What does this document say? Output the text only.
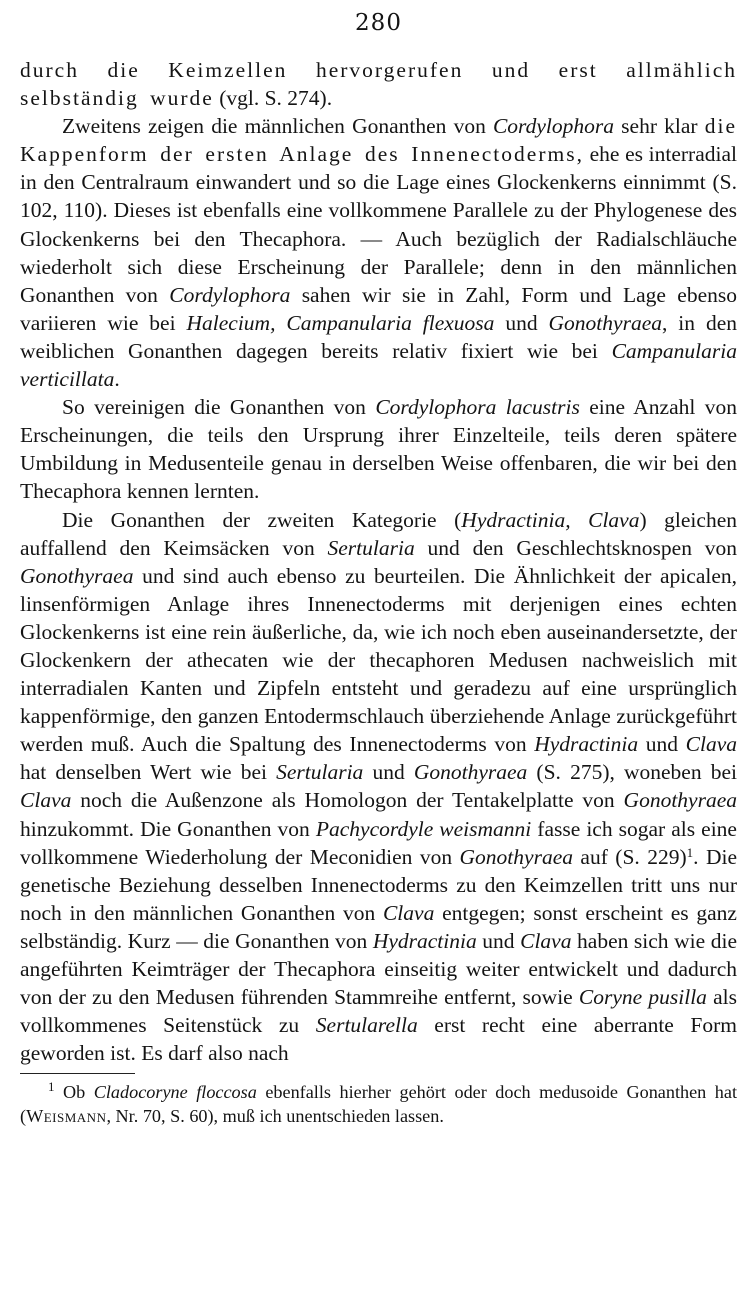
280

durch die Keimzellen hervorgerufen und erst allmählich selbständig wurde (vgl. S. 274).

Zweitens zeigen die männlichen Gonanthen von Cordylophora sehr klar die Kappenform der ersten Anlage des Innenectoderms, ehe es interradial in den Centralraum einwandert und so die Lage eines Glockenkerns einnimmt (S. 102, 110). Dieses ist ebenfalls eine vollkommene Parallele zu der Phylogenese des Glockenkerns bei den Thecaphora. — Auch bezüglich der Radialschläuche wiederholt sich diese Erscheinung der Parallele; denn in den männlichen Gonanthen von Cordylophora sahen wir sie in Zahl, Form und Lage ebenso variieren wie bei Halecium, Campanularia flexuosa und Gonothyraea, in den weiblichen Gonanthen dagegen bereits relativ fixiert wie bei Campanularia verticillata.

So vereinigen die Gonanthen von Cordylophora lacustris eine Anzahl von Erscheinungen, die teils den Ursprung ihrer Einzelteile, teils deren spätere Umbildung in Medusenteile genau in derselben Weise offenbaren, die wir bei den Thecaphora kennen lernten.

Die Gonanthen der zweiten Kategorie (Hydractinia, Clava) gleichen auffallend den Keimsäcken von Sertularia und den Geschlechtsknospen von Gonothyraea und sind auch ebenso zu beurteilen. Die Ähnlichkeit der apicalen, linsenförmigen Anlage ihres Innenectoderms mit derjenigen eines echten Glockenkerns ist eine rein äußerliche, da, wie ich noch eben auseinandersetzte, der Glockenkern der athecaten wie der thecaphoren Medusen nachweislich mit interradialen Kanten und Zipfeln entsteht und geradezu auf eine ursprünglich kappenförmige, den ganzen Entodermschlauch überziehende Anlage zurückgeführt werden muß. Auch die Spaltung des Innenectoderms von Hydractinia und Clava hat denselben Wert wie bei Sertularia und Gonothyraea (S. 275), woneben bei Clava noch die Außenzone als Homologon der Tentakelplatte von Gonothyraea hinzukommt. Die Gonanthen von Pachycordyle weismanni fasse ich sogar als eine vollkommene Wiederholung der Meconidien von Gonothyraea auf (S. 229)$^1$. Die genetische Beziehung desselben Innenectoderms zu den Keimzellen tritt uns nur noch in den männlichen Gonanthen von Clava entgegen; sonst erscheint es ganz selbständig. Kurz — die Gonanthen von Hydractinia und Clava haben sich wie die angeführten Keimträger der Thecaphora einseitig weiter entwickelt und dadurch von der zu den Medusen führenden Stammreihe entfernt, sowie Coryne pusilla als vollkommenes Seitenstück zu Sertularella erst recht eine aberrante Form geworden ist. Es darf also nach

$^1$ Ob Cladocoryne floccosa ebenfalls hierher gehört oder doch medusoide Gonanthen hat (Weismann, Nr. 70, S. 60), muß ich unentschieden lassen.
